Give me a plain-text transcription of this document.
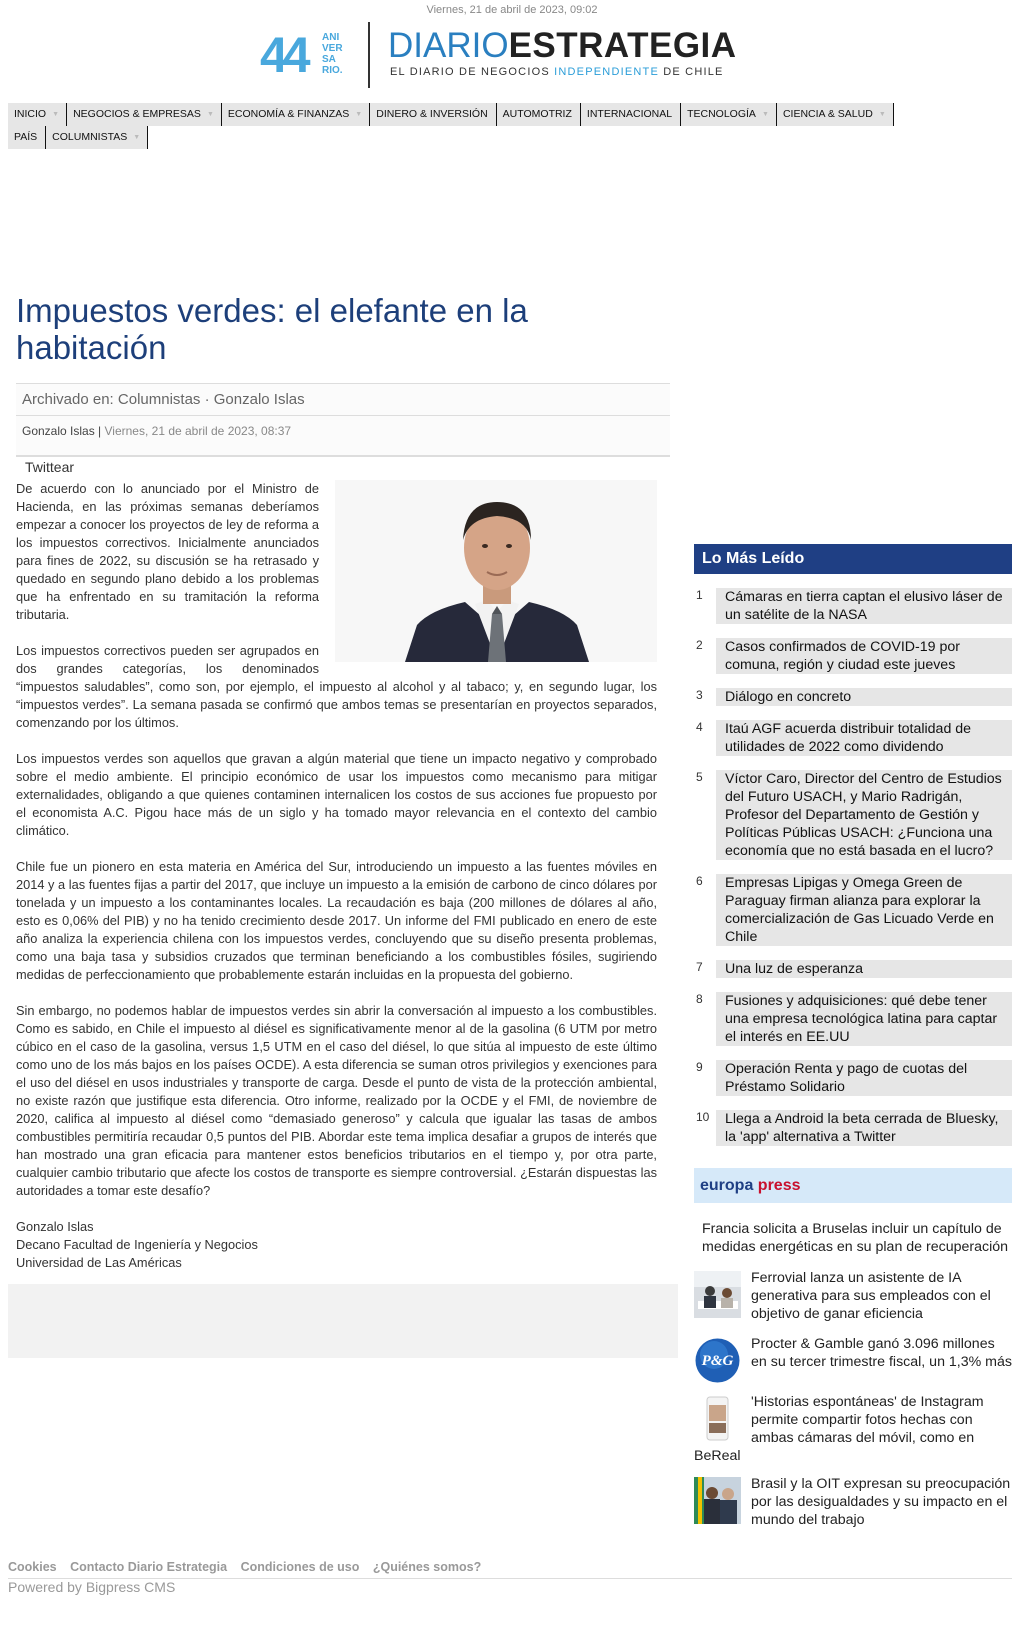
Viernes, 21 de abril de 2023, 09:02
44 ANI VER SA RIO.
DIARIOESTRATEGIA
EL DIARIO DE NEGOCIOS INDEPENDIENTE DE CHILE
INICIO ▼	NEGOCIOS & EMPRESAS ▼	ECONOMÍA & FINANZAS ▼	DINERO & INVERSIÓN	AUTOMOTRIZ	INTERNACIONAL	TECNOLOGÍA ▼	CIENCIA & SALUD ▼
PAÍS	COLUMNISTAS ▼
Impuestos verdes: el elefante en la habitación
Archivado en: Columnistas · Gonzalo Islas
Gonzalo Islas | Viernes, 21 de abril de 2023, 08:37
Twittear

De acuerdo con lo anunciado por el Ministro de Hacienda, en las próximas semanas deberíamos empezar a conocer los proyectos de ley de reforma a los impuestos correctivos. Inicialmente anunciados para fines de 2022, su discusión se ha retrasado y quedado en segundo plano debido a los problemas que ha enfrentado en su tramitación la reforma tributaria.

Los impuestos correctivos pueden ser agrupados en dos grandes categorías, los denominados “impuestos saludables”, como son, por ejemplo, el impuesto al alcohol y al tabaco; y, en segundo lugar, los “impuestos verdes”. La semana pasada se confirmó que ambos temas se presentarían en proyectos separados, comenzando por los últimos.

Los impuestos verdes son aquellos que gravan a algún material que tiene un impacto negativo y comprobado sobre el medio ambiente. El principio económico de usar los impuestos como mecanismo para mitigar externalidades, obligando a que quienes contaminen internalicen los costos de sus acciones fue propuesto por el economista A.C. Pigou hace más de un siglo y ha tomado mayor relevancia en el contexto del cambio climático.

Chile fue un pionero en esta materia en América del Sur, introduciendo un impuesto a las fuentes móviles en 2014 y a las fuentes fijas a partir del 2017, que incluye un impuesto a la emisión de carbono de cinco dólares por tonelada y un impuesto a los contaminantes locales. La recaudación es baja (200 millones de dólares al año, esto es 0,06% del PIB) y no ha tenido crecimiento desde 2017. Un informe del FMI publicado en enero de este año analiza la experiencia chilena con los impuestos verdes, concluyendo que su diseño presenta problemas, como una baja tasa y subsidios cruzados que terminan beneficiando a los combustibles fósiles, sugiriendo medidas de perfeccionamiento que probablemente estarán incluidas en la propuesta del gobierno.

Sin embargo, no podemos hablar de impuestos verdes sin abrir la conversación al impuesto a los combustibles. Como es sabido, en Chile el impuesto al diésel es significativamente menor al de la gasolina (6 UTM por metro cúbico en el caso de la gasolina, versus 1,5 UTM en el caso del diésel, lo que sitúa al impuesto de este último como uno de los más bajos en los países OCDE). A esta diferencia se suman otros privilegios y exenciones para el uso del diésel en usos industriales y transporte de carga. Desde el punto de vista de la protección ambiental, no existe razón que justifique esta diferencia. Otro informe, realizado por la OCDE y el FMI, de noviembre de 2020, califica al impuesto al diésel como “demasiado generoso” y calcula que igualar las tasas de ambos combustibles permitiría recaudar 0,5 puntos del PIB. Abordar este tema implica desafiar a grupos de interés que han mostrado una gran eficacia para mantener estos beneficios tributarios en el tiempo y, por otra parte, cualquier cambio tributario que afecte los costos de transporte es siempre controversial. ¿Estarán dispuestas las autoridades a tomar este desafío?

Gonzalo Islas

Decano Facultad de Ingeniería y Negocios

Universidad de Las Américas

Lo Más Leído
1	Cámaras en tierra captan el elusivo láser de un satélite de la NASA
2	Casos confirmados de COVID-19 por comuna, región y ciudad este jueves
3	Diálogo en concreto
4	Itaú AGF acuerda distribuir totalidad de utilidades de 2022 como dividendo
5	Víctor Caro, Director del Centro de Estudios del Futuro USACH, y Mario Radrigán, Profesor del Departamento de Gestión y Políticas Públicas USACH: ¿Funciona una economía que no está basada en el lucro?
6	Empresas Lipigas y Omega Green de Paraguay firman alianza para explorar la comercialización de Gas Licuado Verde en Chile
7	Una luz de esperanza
8	Fusiones y adquisiciones: qué debe tener una empresa tecnológica latina para captar el interés en EE.UU
9	Operación Renta y pago de cuotas del Préstamo Solidario
10	Llega a Android la beta cerrada de Bluesky, la 'app' alternativa a Twitter
europa press
Francia solicita a Bruselas incluir un capítulo de medidas energéticas en su plan de recuperación
Ferrovial lanza un asistente de IA generativa para sus empleados con el objetivo de ganar eficiencia
P&G
Procter & Gamble ganó 3.096 millones en su tercer trimestre fiscal, un 1,3% más
'Historias espontáneas' de Instagram permite compartir fotos hechas con ambas cámaras del móvil, como en BeReal
Brasil y la OIT expresan su preocupación por las desigualdades y su impacto en el mundo del trabajo
Cookies Contacto Diario Estrategia Condiciones de uso ¿Quiénes somos?
Powered by Bigpress CMS
